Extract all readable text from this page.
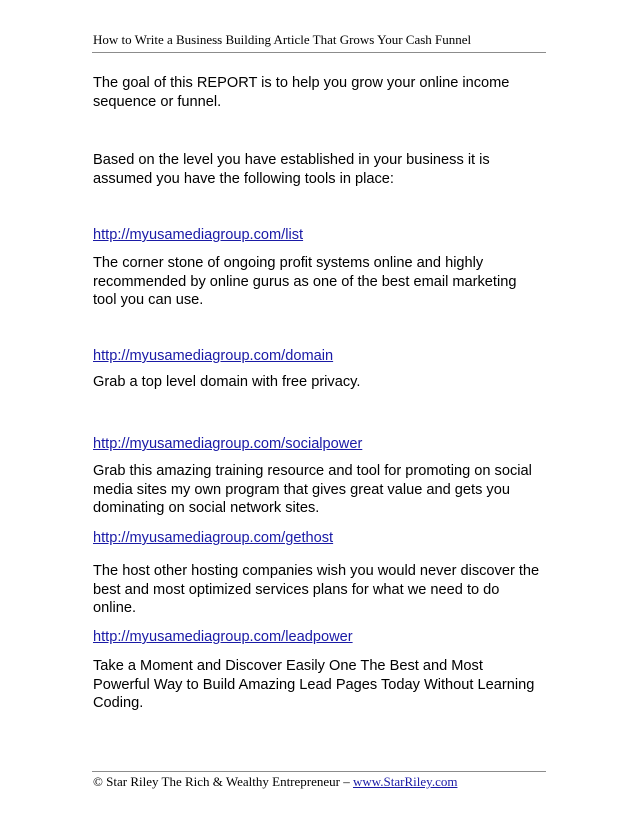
How to Write a Business Building Article That Grows Your Cash Funnel

The goal of this REPORT is to help you grow your online income
sequence or funnel.

Based on the level you have established in your business it is
assumed you have the following tools in place:

http://myusamediagroup.com/list

The corner stone of ongoing profit systems online and highly
recommended by online gurus as one of the best email marketing
tool you can use.

http://myusamediagroup.com/domain

Grab a top level domain with free privacy.

http://myusamediagroup.com/socialpower

Grab this amazing training resource and tool for promoting on social
media sites my own program that gives great value and gets you
dominating on social network sites.

http://myusamediagroup.com/gethost

The host other hosting companies wish you would never discover the
best and most optimized services plans for what we need to do
online.

http://myusamediagroup.com/leadpower

Take a Moment and Discover Easily One The Best and Most
Powerful Way to Build Amazing Lead Pages Today Without Learning
Coding.

© Star Riley The Rich & Wealthy Entrepreneur – www.StarRiley.com
